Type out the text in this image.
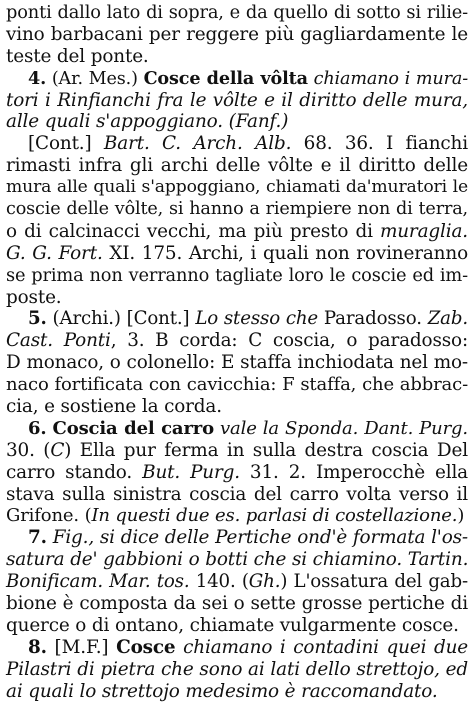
ponti dallo lato di sopra, e da quello di sotto si rilie-
vino barbacani per reggere più gagliardamente le
teste del ponte.
4. (Ar. Mes.) Cosce della vôlta chiamano i mura-
tori i Rinfianchi fra le vôlte e il diritto delle mura,
alle quali s'appoggiano. (Fanf.)
[Cont.] Bart. C. Arch. Alb. 68. 36. I fianchi
rimasti infra gli archi delle vôlte e il diritto delle
mura alle quali s'appoggiano, chiamati da'muratori le
coscie delle vôlte, si hanno a riempiere non di terra,
o di calcinacci vecchi, ma più presto di muraglia.
G. G. Fort. XI. 175. Archi, i quali non rovineranno
se prima non verranno tagliate loro le coscie ed im-
poste.
5. (Archi.) [Cont.] Lo stesso che Paradosso. Zab.
Cast. Ponti, 3. B corda: C coscia, o paradosso:
D monaco, o colonello: E staffa inchiodata nel mo-
naco fortificata con cavicchia: F staffa, che abbrac-
cia, e sostiene la corda.
6. Coscia del carro vale la Sponda. Dant. Purg.
30. (C) Ella pur ferma in sulla destra coscia Del
carro stando. But. Purg. 31. 2. Imperocchè ella
stava sulla sinistra coscia del carro volta verso il
Grifone. (In questi due es. parlasi di costellazione.)
7. Fig., si dice delle Pertiche ond'è formata l'os-
satura de' gabbioni o botti che si chiamino. Tartin.
Bonificam. Mar. tos. 140. (Gh.) L'ossatura del gab-
bione è composta da sei o sette grosse pertiche di
querce o di ontano, chiamate vulgarmente cosce.
8. [M.F.] Cosce chiamano i contadini quei due
Pilastri di pietra che sono ai lati dello strettojo, ed
ai quali lo strettojo medesimo è raccomandato.
